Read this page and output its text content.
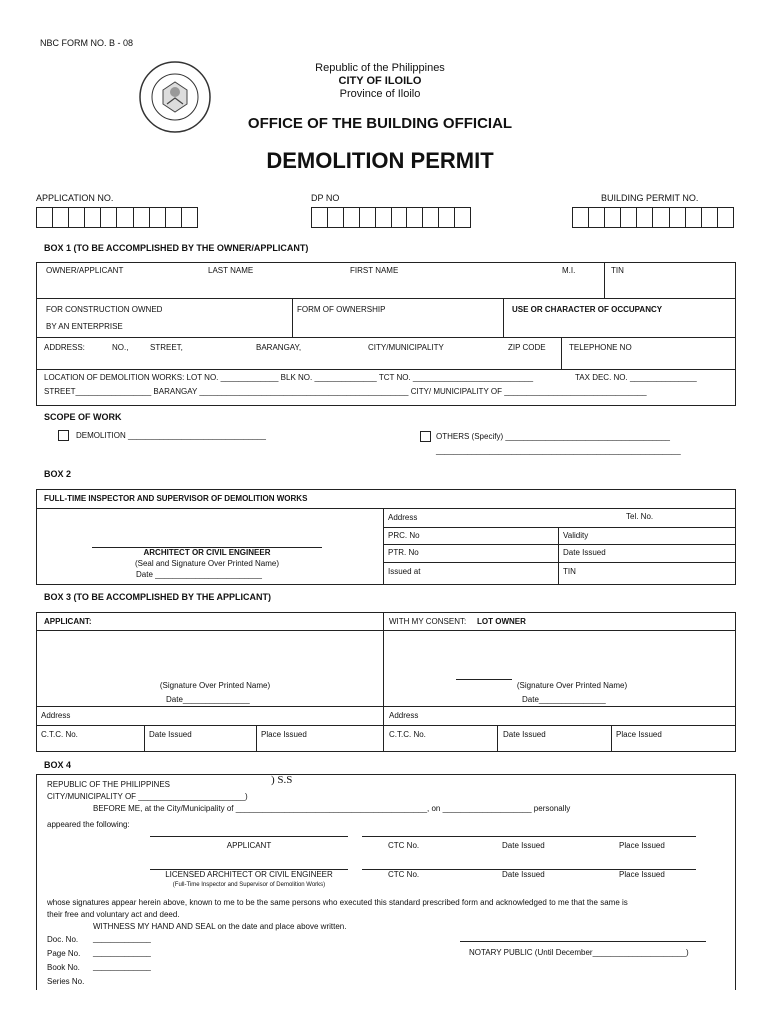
NBC FORM NO. B - 08
Republic of the Philippines
CITY OF ILOILO
Province of Iloilo
OFFICE OF THE BUILDING OFFICIAL
DEMOLITION PERMIT
APPLICATION NO.	DP NO	BUILDING PERMIT NO.
BOX 1 (TO BE ACCOMPLISHED BY THE OWNER/APPLICANT)
OWNER/APPLICANT	LAST NAME	FIRST NAME	M.I.	TIN
FOR CONSTRUCTION OWNED
BY AN ENTERPRISE
FORM OF OWNERSHIP	USE OR CHARACTER OF OCCUPANCY
ADDRESS:	NO.,	STREET,	BARANGAY,	CITY/MUNICIPALITY	ZIP CODE	TELEPHONE NO
LOCATION OF DEMOLITION WORKS: LOT NO. _____________ BLK NO. ______________ TCT NO. ___________________________	TAX DEC. NO. _______________
STREET_________________ BARANGAY _______________________________________________ CITY/ MUNICIPALITY OF ________________________________
SCOPE OF WORK
DEMOLITION _______________________________	OTHERS (Specify) _____________________________________
_______________________________________________________
BOX 2
FULL-TIME INSPECTOR AND SUPERVISOR OF DEMOLITION WORKS
ARCHITECT OR CIVIL ENGINEER
(Seal and Signature Over Printed Name)
Date ________________________
Address	Tel. No.
PRC. No	Validity
PTR. No	Date Issued
Issued at	TIN
BOX 3 (TO BE ACCOMPLISHED BY THE APPLICANT)
APPLICANT:	WITH MY CONSENT: LOT OWNER
(Signature Over Printed Name)	(Signature Over Printed Name)
Date_______________	Date_______________
Address	Address
C.T.C. No.	Date Issued	Place Issued	C.T.C. No.	Date Issued	Place Issued
BOX 4
REPUBLIC OF THE PHILIPPINES	) S.S
CITY/MUNICIPALITY OF ________________________)
BEFORE ME, at the City/Municipality of ___________________________________________, on ____________________ personally
appeared the following:
APPLICANT	CTC No.	Date Issued	Place Issued
LICENSED ARCHITECT OR CIVIL ENGINEER
(Full-Time Inspector and Supervisor of Demolition Works)
CTC No.	Date Issued	Place Issued
whose signatures appear herein above, known to me to be the same persons who executed this standard prescribed form and acknowledged to me that the same is
their free and voluntary act and deed.
WITHNESS MY HAND AND SEAL on the date and place above written.
Doc. No. _____________
Page No. _____________
Book No. _____________
Series No.
NOTARY PUBLIC (Until December_____________________)
